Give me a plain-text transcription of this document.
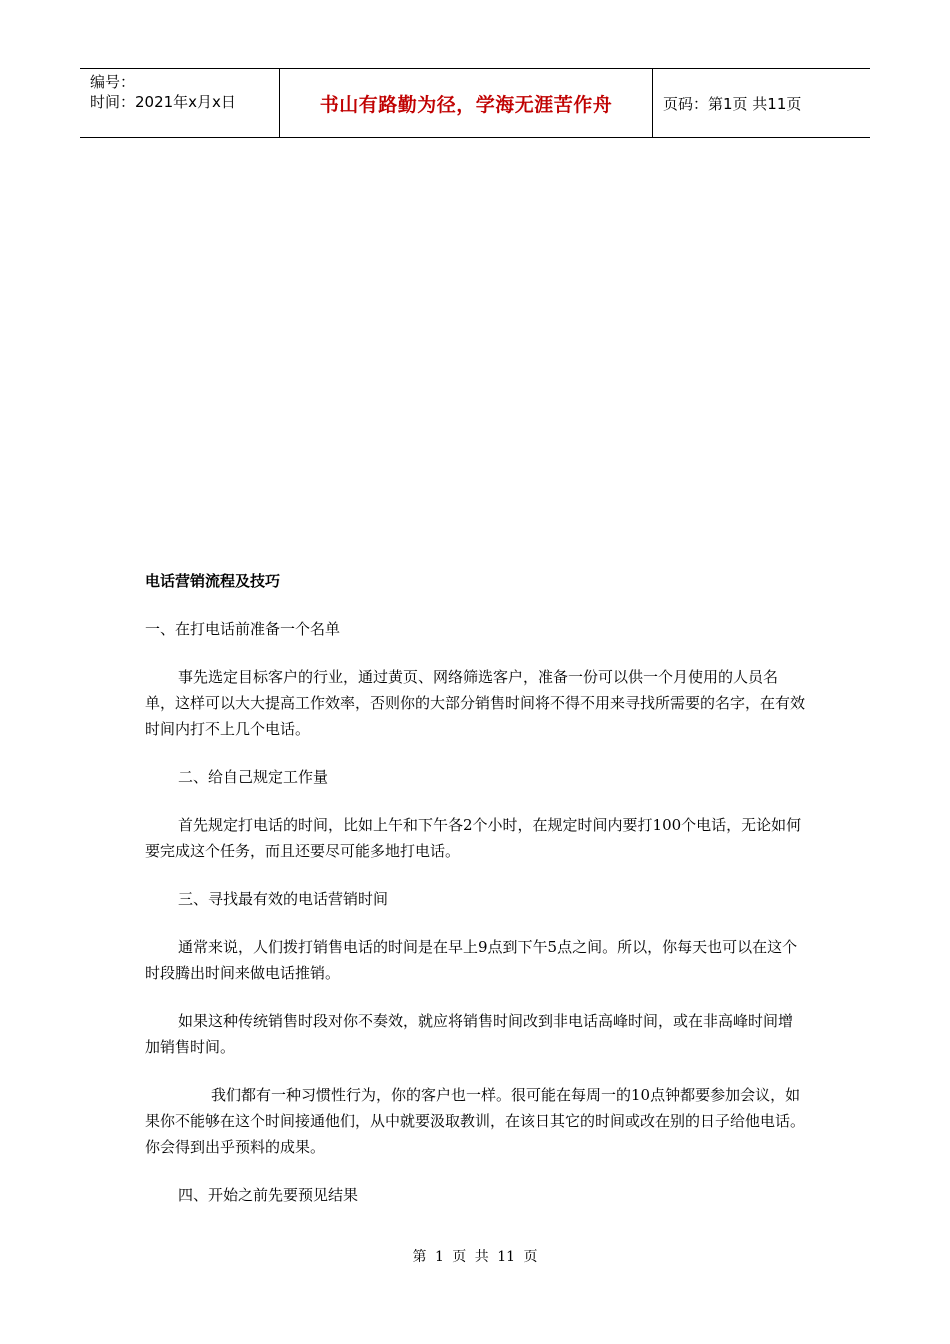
编号：
时间：2021年x月x日	书山有路勤为径，学海无涯苦作舟	页码：第1页 共11页

电话营销流程及技巧

一、在打电话前准备一个名单

事先选定目标客户的行业，通过黄页、网络筛选客户，准备一份可以供一个月使用的人员名单，这样可以大大提高工作效率，否则你的大部分销售时间将不得不用来寻找所需要的名字，在有效时间内打不上几个电话。

二、给自己规定工作量

首先规定打电话的时间，比如上午和下午各2个小时，在规定时间内要打100个电话，无论如何要完成这个任务，而且还要尽可能多地打电话。

三、寻找最有效的电话营销时间

通常来说，人们拨打销售电话的时间是在早上9点到下午5点之间。所以，你每天也可以在这个时段腾出时间来做电话推销。

如果这种传统销售时段对你不奏效，就应将销售时间改到非电话高峰时间，或在非高峰时间增加销售时间。

我们都有一种习惯性行为，你的客户也一样。很可能在每周一的10点钟都要参加会议，如果你不能够在这个时间接通他们，从中就要汲取教训，在该日其它的时间或改在别的日子给他电话。你会得到出乎预料的成果。

四、开始之前先要预见结果

第 1 页 共 11 页
